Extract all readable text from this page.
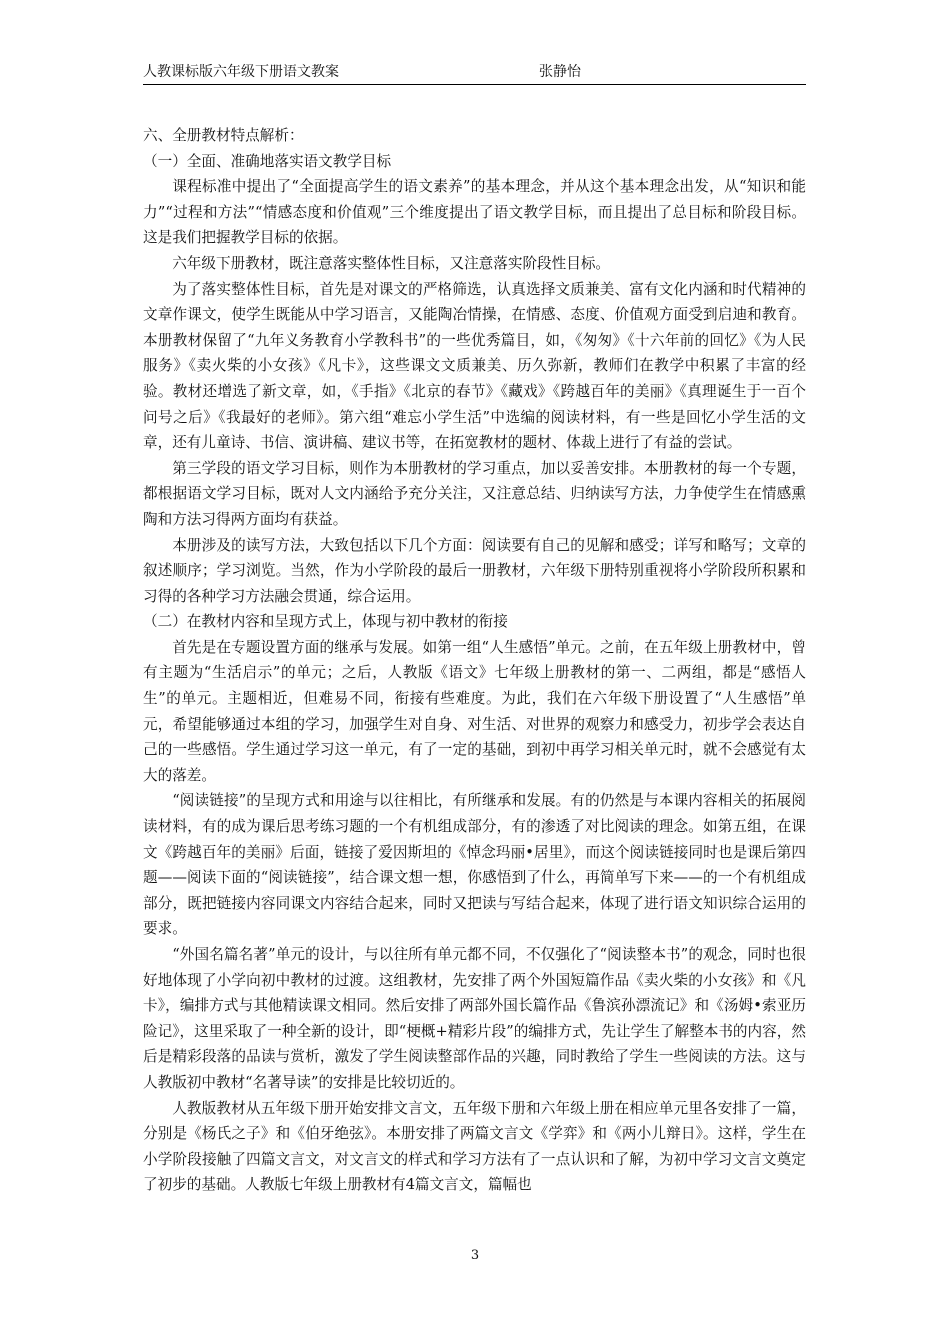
人教课标版六年级下册语文教案	张静怡

六、全册教材特点解析：

（一）全面、准确地落实语文教学目标

课程标准中提出了“全面提高学生的语文素养”的基本理念，并从这个基本理念出发，从“知识和能力”“过程和方法”“情感态度和价值观”三个维度提出了语文教学目标，而且提出了总目标和阶段目标。这是我们把握教学目标的依据。

六年级下册教材，既注意落实整体性目标，又注意落实阶段性目标。

为了落实整体性目标，首先是对课文的严格筛选，认真选择文质兼美、富有文化内涵和时代精神的文章作课文，使学生既能从中学习语言，又能陶冶情操，在情感、态度、价值观方面受到启迪和教育。本册教材保留了“九年义务教育小学教科书”的一些优秀篇目，如，《匆匆》《十六年前的回忆》《为人民服务》《卖火柴的小女孩》《凡卡》，这些课文文质兼美、历久弥新，教师们在教学中积累了丰富的经验。教材还增选了新文章，如，《手指》《北京的春节》《藏戏》《跨越百年的美丽》《真理诞生于一百个问号之后》《我最好的老师》。第六组“难忘小学生活”中选编的阅读材料，有一些是回忆小学生活的文章，还有儿童诗、书信、演讲稿、建议书等，在拓宽教材的题材、体裁上进行了有益的尝试。

第三学段的语文学习目标，则作为本册教材的学习重点，加以妥善安排。本册教材的每一个专题，都根据语文学习目标，既对人文内涵给予充分关注，又注意总结、归纳读写方法，力争使学生在情感熏陶和方法习得两方面均有获益。

本册涉及的读写方法，大致包括以下几个方面：阅读要有自己的见解和感受；详写和略写；文章的叙述顺序；学习浏览。当然，作为小学阶段的最后一册教材，六年级下册特别重视将小学阶段所积累和习得的各种学习方法融会贯通，综合运用。

（二）在教材内容和呈现方式上，体现与初中教材的衔接

首先是在专题设置方面的继承与发展。如第一组“人生感悟”单元。之前，在五年级上册教材中，曾有主题为“生活启示”的单元；之后，人教版《语文》七年级上册教材的第一、二两组，都是“感悟人生”的单元。主题相近，但难易不同，衔接有些难度。为此，我们在六年级下册设置了“人生感悟”单元，希望能够通过本组的学习，加强学生对自身、对生活、对世界的观察力和感受力，初步学会表达自己的一些感悟。学生通过学习这一单元，有了一定的基础，到初中再学习相关单元时，就不会感觉有太大的落差。

“阅读链接”的呈现方式和用途与以往相比，有所继承和发展。有的仍然是与本课内容相关的拓展阅读材料，有的成为课后思考练习题的一个有机组成部分，有的渗透了对比阅读的理念。如第五组，在课文《跨越百年的美丽》后面，链接了爱因斯坦的《悼念玛丽•居里》，而这个阅读链接同时也是课后第四题——阅读下面的“阅读链接”，结合课文想一想，你感悟到了什么，再简单写下来——的一个有机组成部分，既把链接内容同课文内容结合起来，同时又把读与写结合起来，体现了进行语文知识综合运用的要求。

“外国名篇名著”单元的设计，与以往所有单元都不同，不仅强化了“阅读整本书”的观念，同时也很好地体现了小学向初中教材的过渡。这组教材，先安排了两个外国短篇作品《卖火柴的小女孩》和《凡卡》，编排方式与其他精读课文相同。然后安排了两部外国长篇作品《鲁滨孙漂流记》和《汤姆•索亚历险记》，这里采取了一种全新的设计，即“梗概+精彩片段”的编排方式，先让学生了解整本书的内容，然后是精彩段落的品读与赏析，激发了学生阅读整部作品的兴趣，同时教给了学生一些阅读的方法。这与人教版初中教材“名著导读”的安排是比较切近的。

人教版教材从五年级下册开始安排文言文，五年级下册和六年级上册在相应单元里各安排了一篇，分别是《杨氏之子》和《伯牙绝弦》。本册安排了两篇文言文《学弈》和《两小儿辩日》。这样，学生在小学阶段接触了四篇文言文，对文言文的样式和学习方法有了一点认识和了解，为初中学习文言文奠定了初步的基础。人教版七年级上册教材有4篇文言文，篇幅也

3
